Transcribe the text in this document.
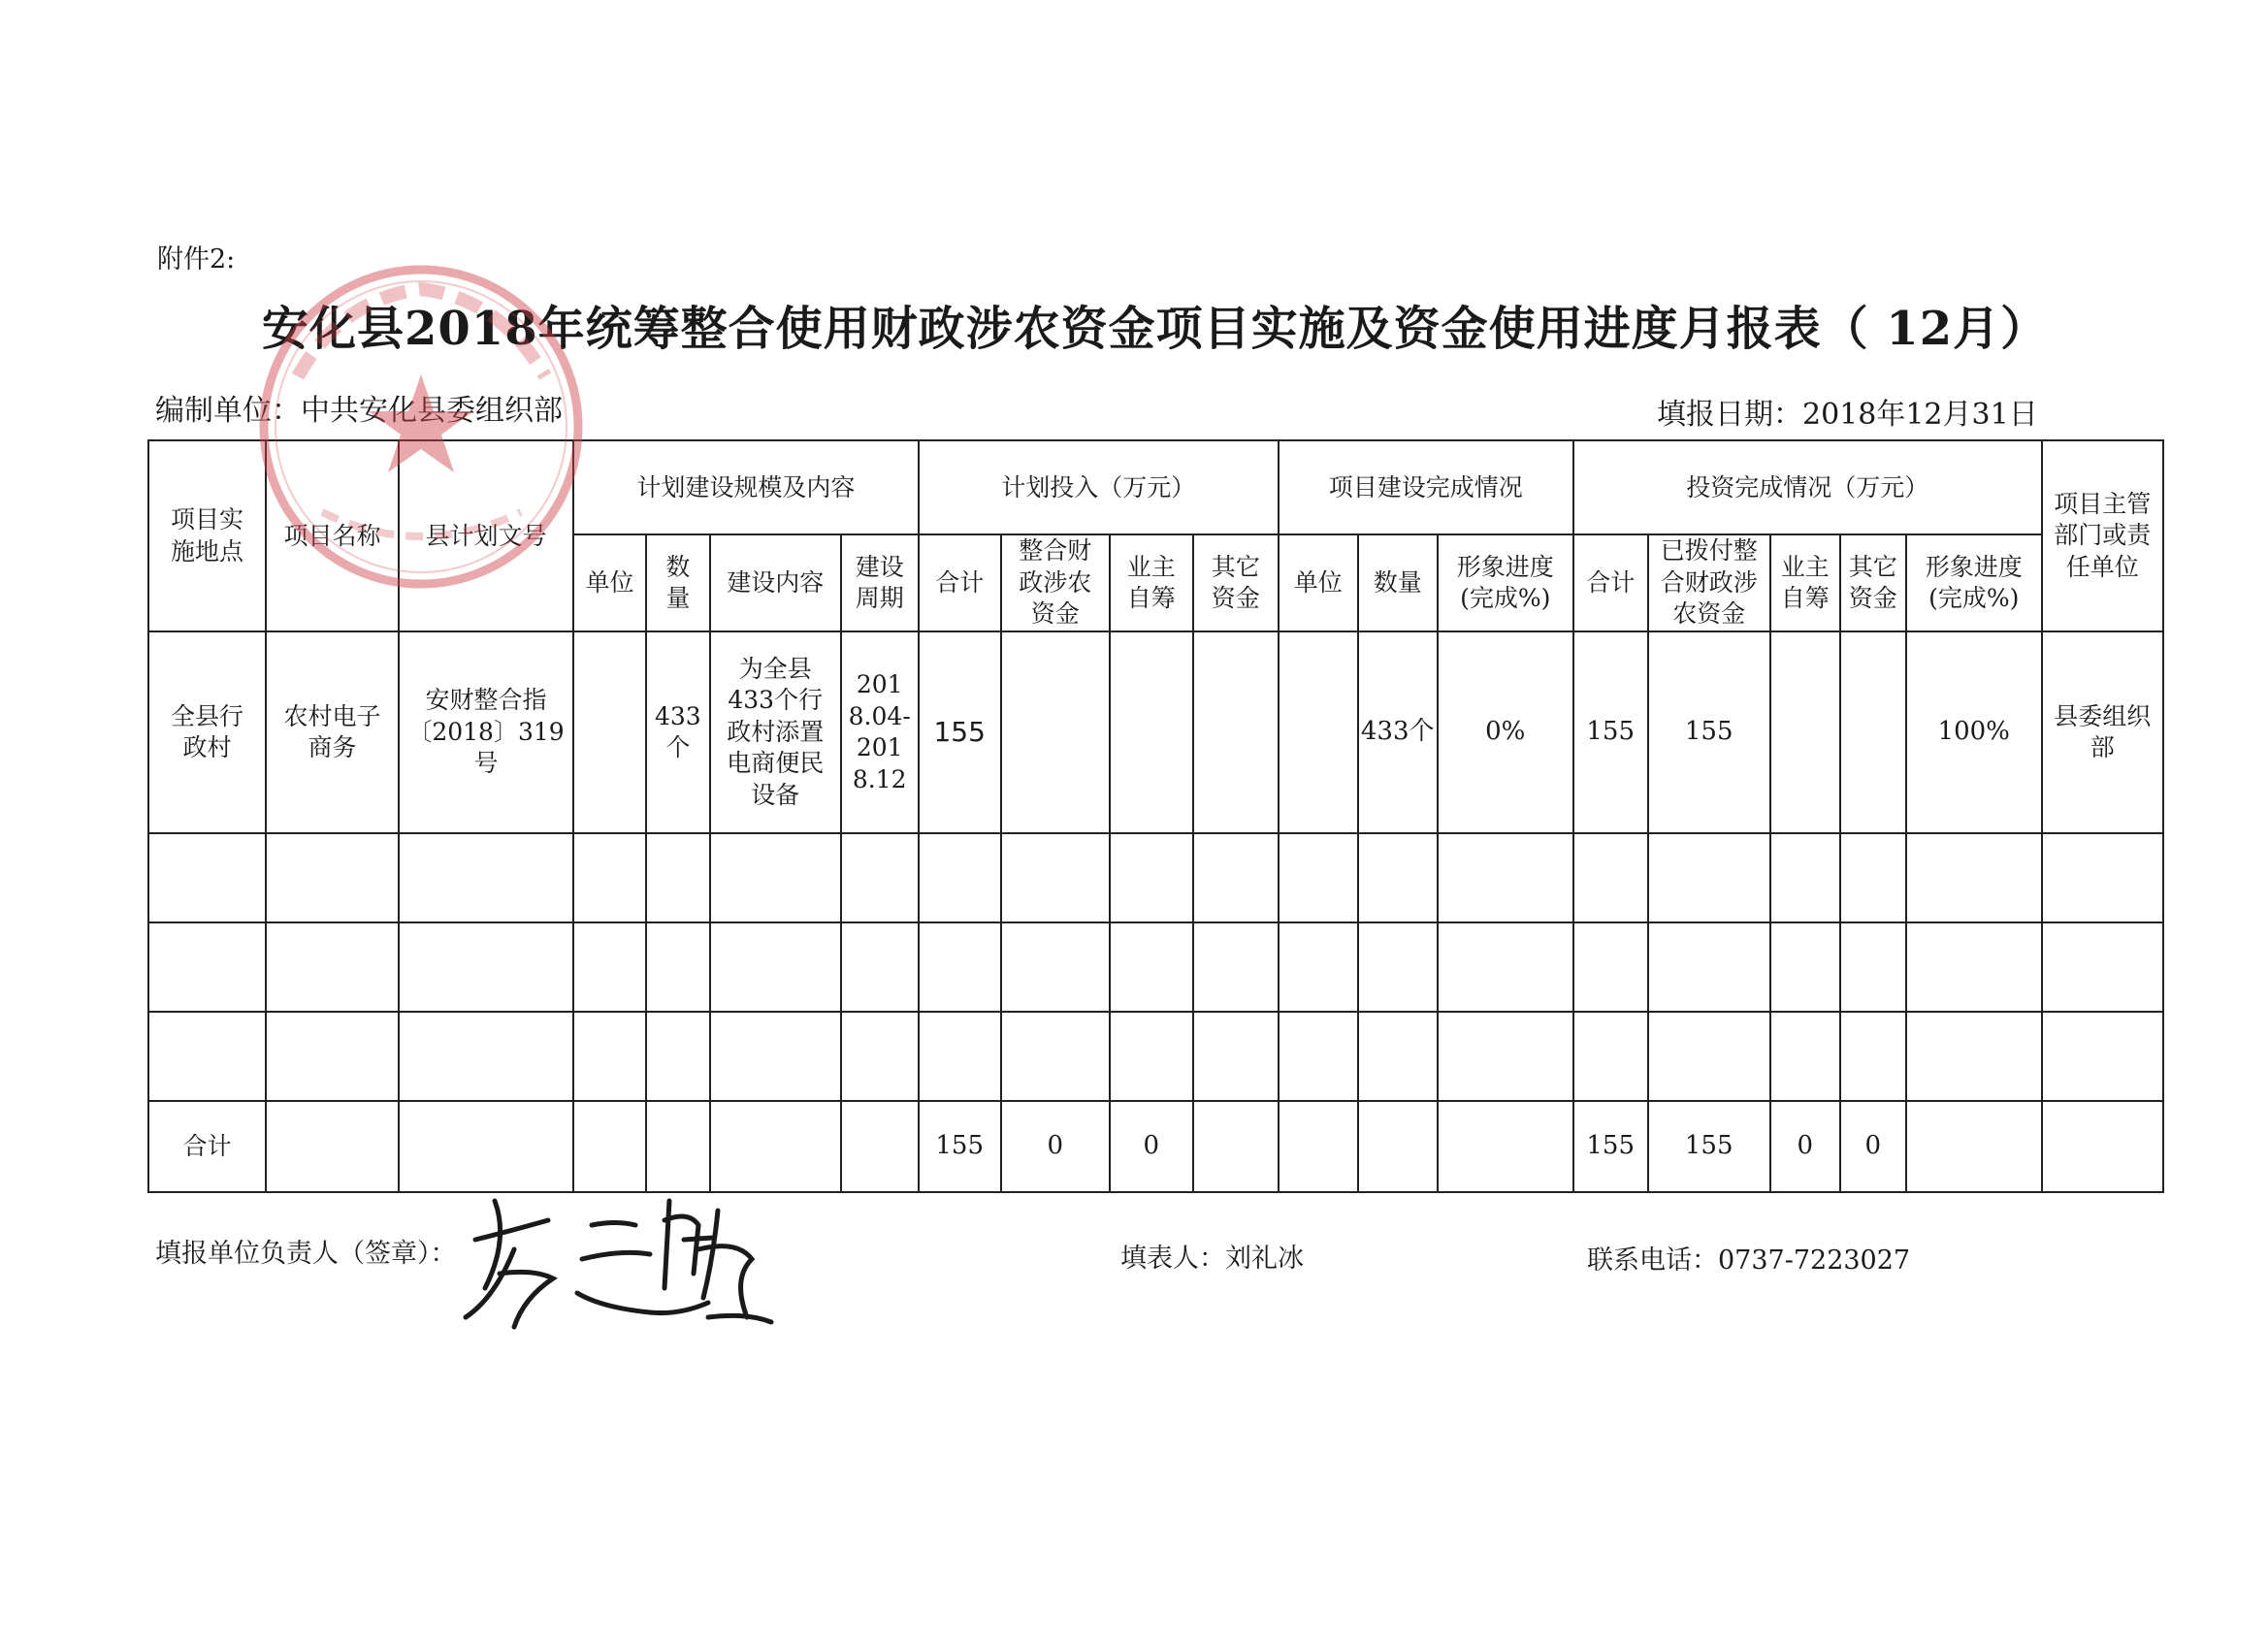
附件2:
安化县2018年统筹整合使用财政涉农资金项目实施及资金使用进度月报表（ 12月）
编制单位：中共安化县委组织部	填报日期：2018年12月31日
项目实施地点	项目名称	县计划文号	计划建设规模及内容				计划投入（万元）				项目建设完成情况			投资完成情况（万元）					项目主管部门或责任单位
			单位	数量	建设内容	建设周期	合计	整合财政涉农资金	业主自筹	其它资金	单位	数量	形象进度(完成%)	合计	已拨付整合财政涉农资金	业主自筹	其它资金	形象进度(完成%)	
全县行政村	农村电子商务	安财整合指〔2018〕319号		433个	为全县433个行政村添置电商便民设备	2018.04-2018.12	155					433个	0%	155	155			100%	县委组织部

合计							155	0	0					155	155	0	0		
填报单位负责人（签章）：	填表人：刘礼冰	联系电话：0737-7223027
